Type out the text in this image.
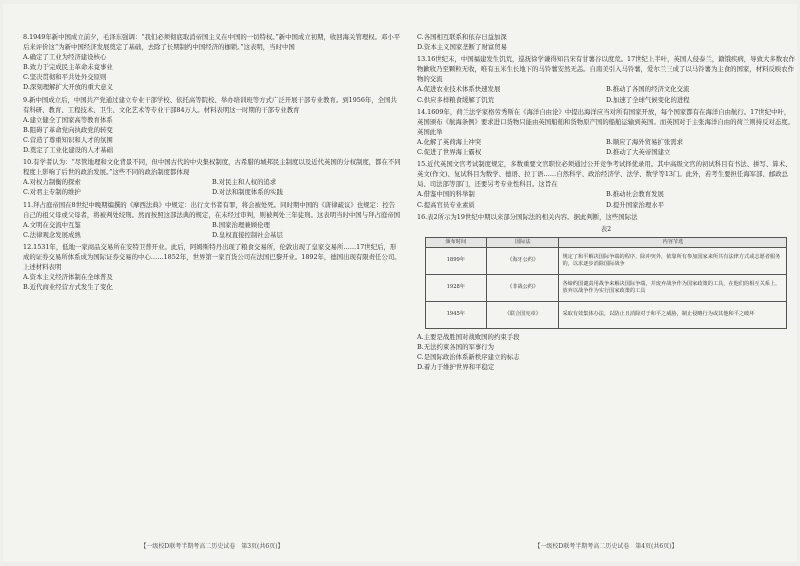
8.1949年新中国成立前夕，毛泽东强调：“我们必须彻底取消帝国主义在中国的一切特权。”新中国成立初期，收回海关管理权。邓小平后来评价这“为新中国经济发展奠定了基础，去除了长期制约中国经济的枷锁。”这表明，当时中国
A.确定了工业为经济建设核心
B.致力于完成民主革命未竟事业
C.坚决贯彻和平共处外交原则
D.深刻理解扩大开放的重大意义
9.新中国成立后，中国共产党通过建立专业干部学校、依托高等院校、举办培训班等方式广泛开展干部专业教育。到1956年，全国共有科研、教育、工程技术、卫生、文化艺术等专业干部84万人。材料表明这一时期的干部专业教育
A.建立健全了国家高等教育体系
B.阻碍了革命党向执政党的转变
C.营造了尊重知识和人才的氛围
D.奠定了工业化建设的人才基础
10.有学者认为：“尽管地理和文化背景不同，但中国古代的中央集权制度，古希腊的城邦民主制度以及近代英国的分权制度，都在不同程度上影响了后世的政治发展。”这些不同的政治制度都体现
A.对权力制衡的探索	B.对民主和人权的追求
C.对君主专制的维护	D.对法和制度体系的实践
11.拜占庭帝国在8世纪中晚期编撰的《摩西法典》中规定：出行文书者有罪，将会被处死。同时期中国的《唐律疏议》也规定：控告自己的祖父母或父母者，将被判处绞刑。然而按照这部法典的规定，在未经过审判，则被判处三年徒刑。这表明当时中国与拜占庭帝国
A.文明在交流中互鉴	B.国家治理兼顾伦理
C.法律观念发展成熟	D.皇权直接控制社会基层
12.1531年，低地一家商品交易所在安特卫普开业。此后，阿姆斯特丹出现了粮食交易所，伦敦出现了皇家交易所……17世纪后，形成的证券交易所体系成为国际证券交易的中心……1852年，世界第一家百货公司在法国巴黎开业。1892年，德国出现有限责任公司。上述材料表明
A.资本主义经济体制在全球普及
B.近代商业经营方式发生了变化
【一级校D联考半期考高二历史试卷　第3页(共6页)】
C.各国相互联系和依存日益加深
D.资本主义国家垄断了财富贸易
13.16世纪末，中国福建发生饥荒，巡抚徐学谦得知吕宋有甘薯谷以度荒。17世纪上半叶，英国人侵泰兰，籍饿疾病，导致大多数农作物歉收乃至颗粒无收，唯有玉米生长地下的马铃薯安然无恙。自南美引入马铃薯，爱尔兰三成了以马铃薯为主食的国家，材料反映农作物的交流
A.促进农业技术体系快速发展	B.推动了各国的经济文化交流
C.供应多样粮食缓解了饥荒	D.加速了全球气候变化的进程
14.1609年，荷兰法学家格劳秀斯在《海洋自由论》中提出海洋应当对所有国家开放，每个国家都有在海洋自由航行。17世纪中叶，英国颁布《航海条例》要求进口货物只能由英国船舶和货物原产国的船舶运输到英国。而英国对于主张海洋自由的荷兰则持反对态度。英国此举
A.化解了英荷海上冲突	B.顺应了海外贸易扩张需求
C.促进了世界海上霸权	D.推动了大英帝国建立
15.近代英国文官考试制度规定，多数重要文官职位必须通过公开竞争考试择优录用。其中高级文官的初试科目有书法、拼写、算术、英文(作文)、复试科目为数学、德语、拉丁语……自然科学、政治经济学、法学、数学等13门。此外，若考生要担任海军部、邮政总局、司法部等部门，还要另考专业性科目。这旨在
A.借鉴中国的科举制	B.推动社会教育发展
C.提高官员专业素质	D.提升国家治理水平
16.表2所示为19世纪中期以来部分国际法的相关内容。据此判断，这些国际法
表2
颁布时间	国际法	内容节选
1899年	《海牙公约》	规定了和平解决国际争端的程序，除冲突外，依靠所有参加国家来所共有法律方式或志愿者服务的，以求逐步消除国际战争
1928年	《非战公约》	各缔约国谴责用战争来解决国际争端，并废弃战争作为国家政策的工具，在他们的相互关系上，放弃以战争作为实行国家政策的工具
1945年	《联合国宪章》	采取有效集体办法，以防止且消除对于和平之威胁，制止侵略行为或其他和平之破坏
A.主要是战胜国对战败国的约束手段
B.无法约束各国的军事行为
C.是国际政治体系新秩序建立的标志
D.着力于维护世界和平稳定
【一级校D联考半期考高二历史试卷　第4页(共6页)】
